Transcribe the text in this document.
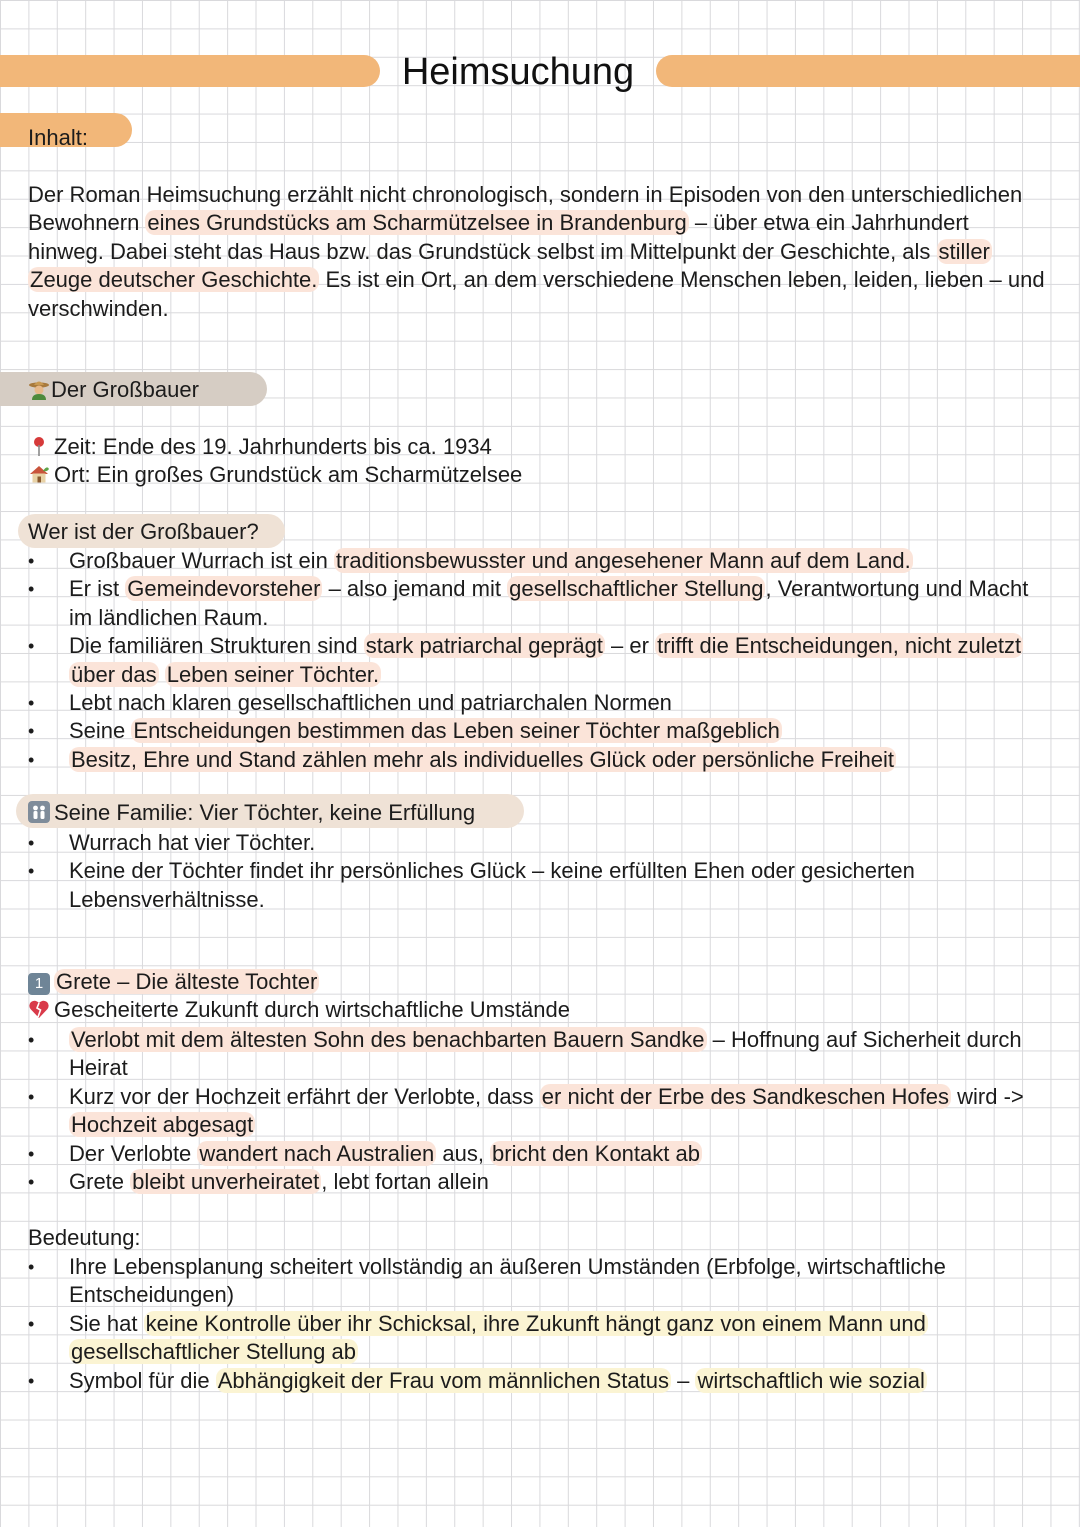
Heimsuchung
Inhalt:
Der Roman Heimsuchung erzählt nicht chronologisch, sondern in Episoden von den unterschiedlichen Bewohnern eines Grundstücks am Scharmützelsee in Brandenburg – über etwa ein Jahrhundert hinweg. Dabei steht das Haus bzw. das Grundstück selbst im Mittelpunkt der Geschichte, als stiller Zeuge deutscher Geschichte. Es ist ein Ort, an dem verschiedene Menschen leben, leiden, lieben – und verschwinden.
Der Großbauer
Zeit: Ende des 19. Jahrhunderts bis ca. 1934
Ort: Ein großes Grundstück am Scharmützelsee
Wer ist der Großbauer?
• Großbauer Wurrach ist ein traditionsbewusster und angesehener Mann auf dem Land.
• Er ist Gemeindevorsteher – also jemand mit gesellschaftlicher Stellung, Verantwortung und Macht im ländlichen Raum.
• Die familiären Strukturen sind stark patriarchal geprägt – er trifft die Entscheidungen, nicht zuletzt über das Leben seiner Töchter.
• Lebt nach klaren gesellschaftlichen und patriarchalen Normen
• Seine Entscheidungen bestimmen das Leben seiner Töchter maßgeblich
• Besitz, Ehre und Stand zählen mehr als individuelles Glück oder persönliche Freiheit
Seine Familie: Vier Töchter, keine Erfüllung
• Wurrach hat vier Töchter.
• Keine der Töchter findet ihr persönliches Glück – keine erfüllten Ehen oder gesicherten Lebensverhältnisse.
1 Grete – Die älteste Tochter
Gescheiterte Zukunft durch wirtschaftliche Umstände
• Verlobt mit dem ältesten Sohn des benachbarten Bauern Sandke – Hoffnung auf Sicherheit durch Heirat
• Kurz vor der Hochzeit erfährt der Verlobte, dass er nicht der Erbe des Sandkeschen Hofes wird -> Hochzeit abgesagt
• Der Verlobte wandert nach Australien aus, bricht den Kontakt ab
• Grete bleibt unverheiratet, lebt fortan allein
Bedeutung:
• Ihre Lebensplanung scheitert vollständig an äußeren Umständen (Erbfolge, wirtschaftliche Entscheidungen)
• Sie hat keine Kontrolle über ihr Schicksal, ihre Zukunft hängt ganz von einem Mann und gesellschaftlicher Stellung ab
• Symbol für die Abhängigkeit der Frau vom männlichen Status – wirtschaftlich wie sozial
